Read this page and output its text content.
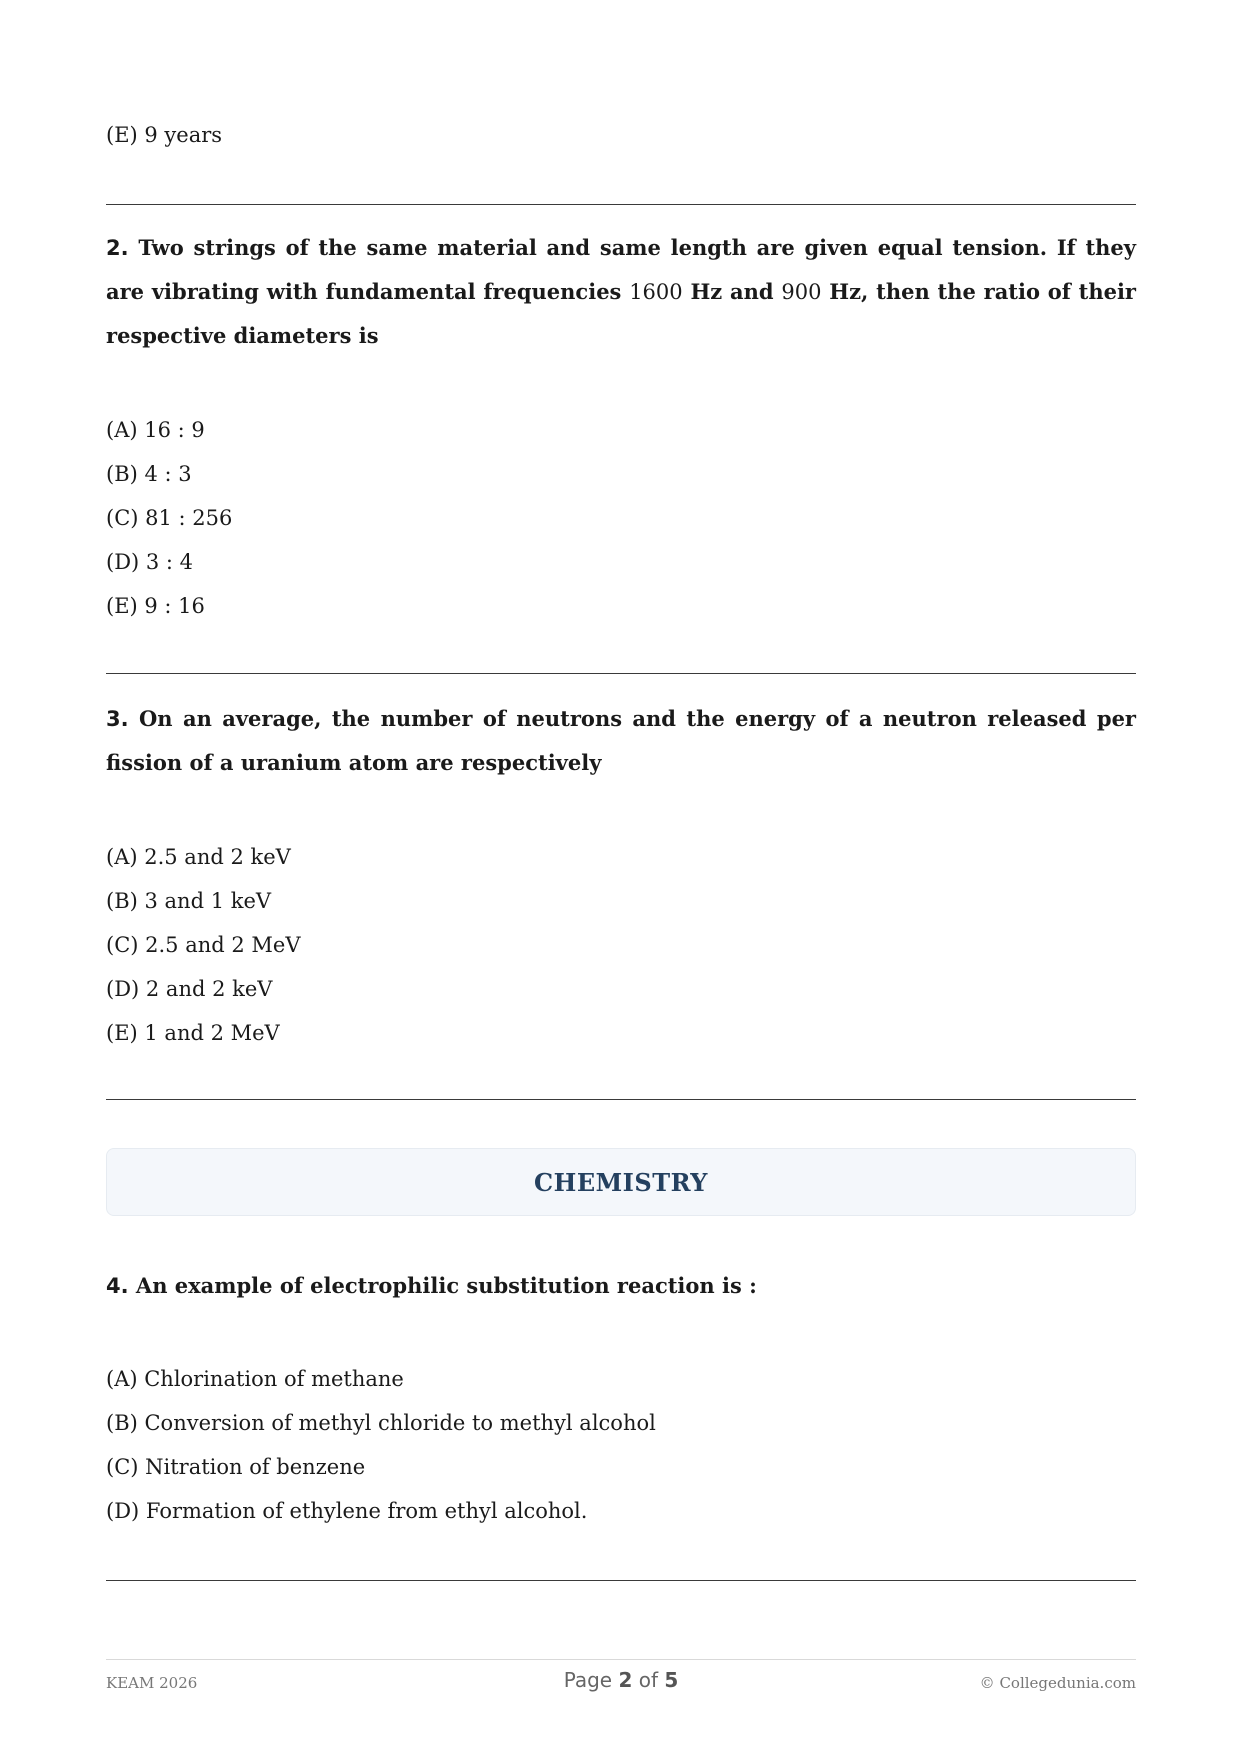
(E) 9 years
2. Two strings of the same material and same length are given equal tension. If they are vibrating with fundamental frequencies 1600 Hz and 900 Hz, then the ratio of their respective diameters is
(A) 16 : 9
(B) 4 : 3
(C) 81 : 256
(D) 3 : 4
(E) 9 : 16
3. On an average, the number of neutrons and the energy of a neutron released per fission of a uranium atom are respectively
(A) 2.5 and 2 keV
(B) 3 and 1 keV
(C) 2.5 and 2 MeV
(D) 2 and 2 keV
(E) 1 and 2 MeV
CHEMISTRY
4. An example of electrophilic substitution reaction is :
(A) Chlorination of methane
(B) Conversion of methyl chloride to methyl alcohol
(C) Nitration of benzene
(D) Formation of ethylene from ethyl alcohol.
KEAM 2026	Page 2 of 5	© Collegedunia.com
